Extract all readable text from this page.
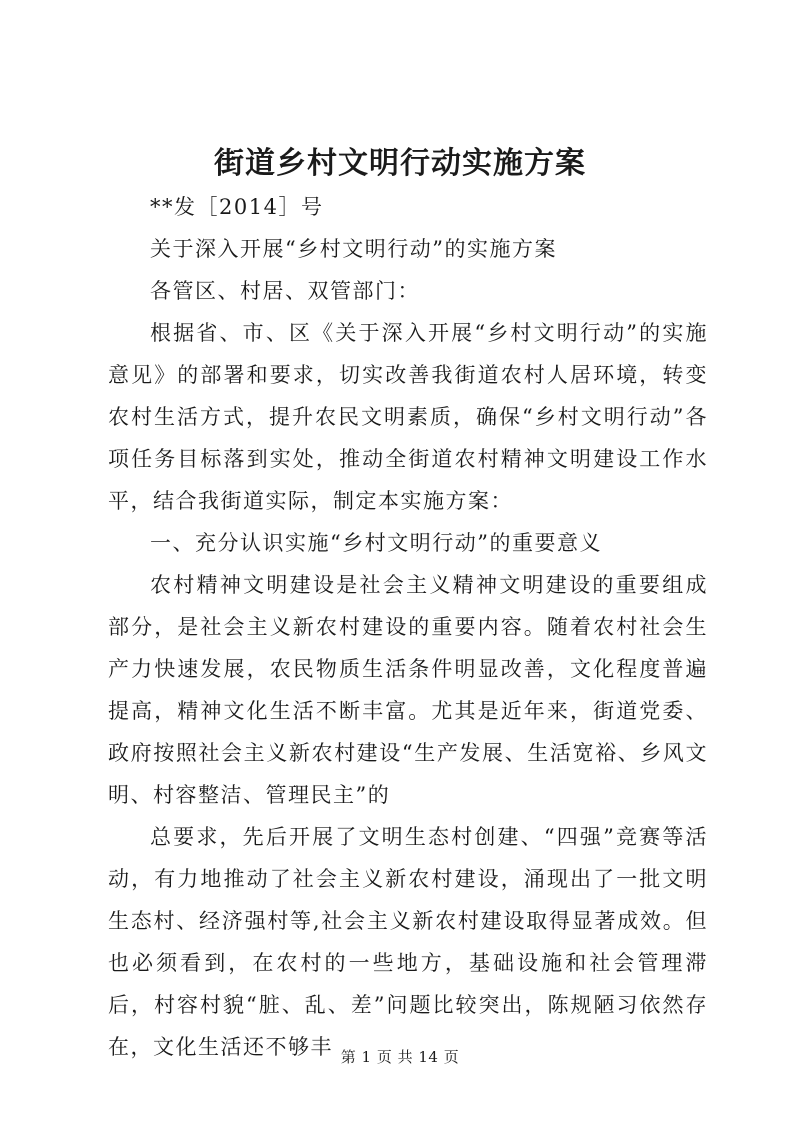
街道乡村文明行动实施方案

**发［2014］号

关于深入开展“乡村文明行动”的实施方案

各管区、村居、双管部门：

根据省、市、区《关于深入开展“乡村文明行动”的实施意见》的部署和要求，切实改善我街道农村人居环境，转变农村生活方式，提升农民文明素质，确保“乡村文明行动”各项任务目标落到实处，推动全街道农村精神文明建设工作水平，结合我街道实际，制定本实施方案：

一、充分认识实施“乡村文明行动”的重要意义

农村精神文明建设是社会主义精神文明建设的重要组成部分，是社会主义新农村建设的重要内容。随着农村社会生产力快速发展，农民物质生活条件明显改善，文化程度普遍提高，精神文化生活不断丰富。尤其是近年来，街道党委、政府按照社会主义新农村建设“生产发展、生活宽裕、乡风文明、村容整洁、管理民主”的

总要求，先后开展了文明生态村创建、“四强”竞赛等活动，有力地推动了社会主义新农村建设，涌现出了一批文明生态村、经济强村等,社会主义新农村建设取得显著成效。但也必须看到，在农村的一些地方，基础设施和社会管理滞后，村容村貌“脏、乱、差”问题比较突出，陈规陋习依然存在，文化生活还不够丰 第 1 页 共 14 页
